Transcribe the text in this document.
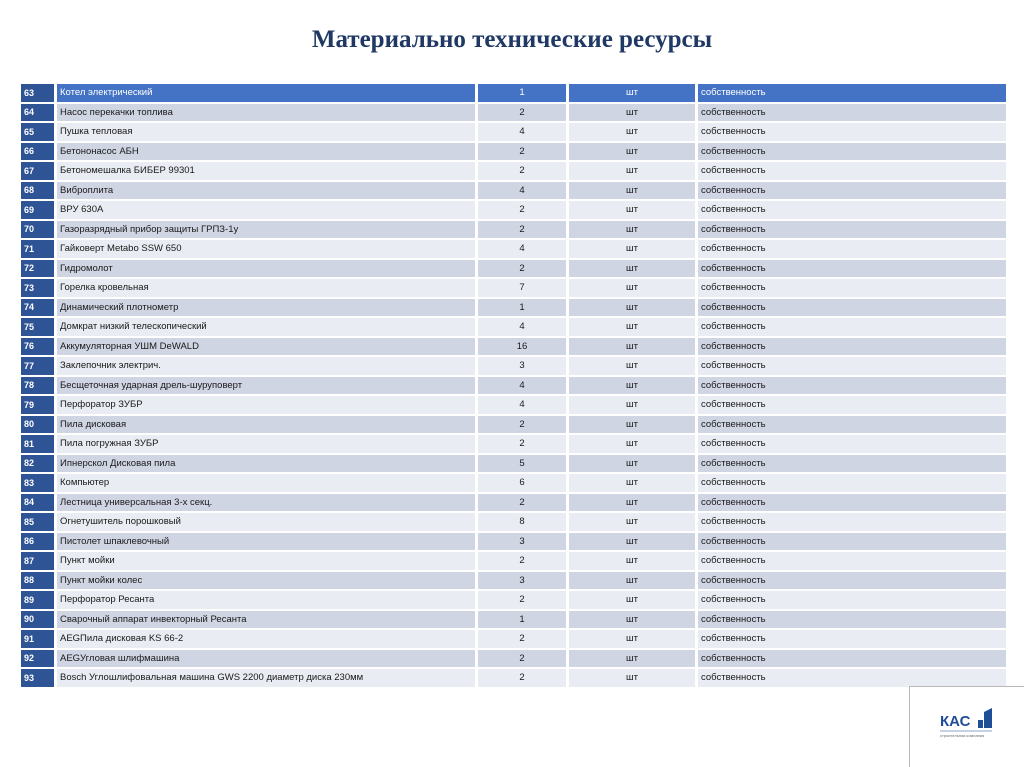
Материально технические ресурсы
63	Котел электрический	1	шт	собственность
64	Насос перекачки топлива	2	шт	собственность
65	Пушка тепловая	4	шт	собственность
66	Бетононасос АБН	2	шт	собственность
67	Бетономешалка БИБЕР 99301	2	шт	собственность
68	Виброплита	4	шт	собственность
69	ВРУ 630А	2	шт	собственность
70	Газоразрядный прибор защиты ГРПЗ-1у	2	шт	собственность
71	Гайковерт Metabo SSW 650	4	шт	собственность
72	Гидромолот	2	шт	собственность
73	Горелка кровельная	7	шт	собственность
74	Динамический плотнометр	1	шт	собственность
75	Домкрат низкий телескопический	4	шт	собственность
76	Аккумуляторная УШМ DeWALD	16	шт	собственность
77	Заклепочник электрич.	3	шт	собственность
78	Бесщеточная ударная дрель-шуруповерт	4	шт	собственность
79	Перфоратор ЗУБР	4	шт	собственность
80	Пила дисковая	2	шт	собственность
81	Пила погружная ЗУБР	2	шт	собственность
82	Ипнерскол Дисковая пила	5	шт	собственность
83	Компьютер	6	шт	собственность
84	Лестница универсальная 3-х секц.	2	шт	собственность
85	Огнетушитель порошковый	8	шт	собственность
86	Пистолет шпаклевочный	3	шт	собственность
87	Пункт мойки	2	шт	собственность
88	Пункт мойки колес	3	шт	собственность
89	Перфоратор Ресанта	2	шт	собственность
90	Сварочный аппарат инвекторный Ресанта	1	шт	собственность
91	AEGПила дисковая KS 66-2	2	шт	собственность
92	AEGУгловая шлифмашина	2	шт	собственность
93	Bosch Углошлифовальная машина GWS 2200 диаметр диска 230мм	2	шт	собственность
КАС
строительная компания
